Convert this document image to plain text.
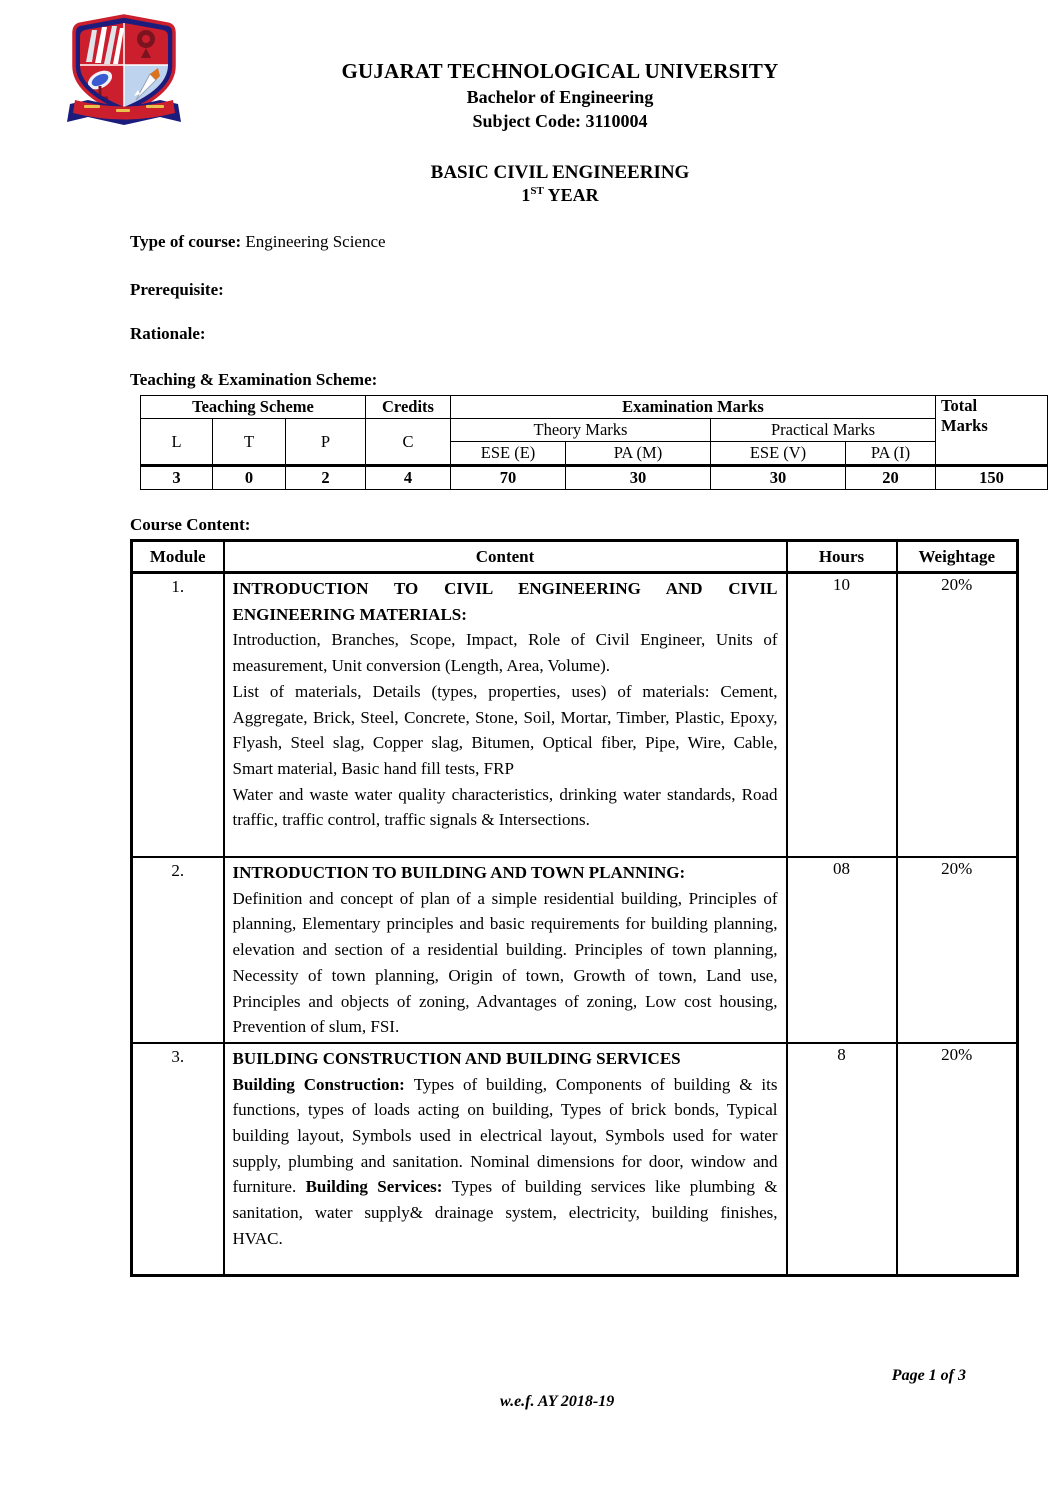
GUJARAT TECHNOLOGICAL UNIVERSITY
Bachelor of Engineering
Subject Code: 3110004
BASIC CIVIL ENGINEERING
1ST YEAR
Type of course: Engineering Science
Prerequisite:
Rationale:
Teaching & Examination Scheme:
Teaching Scheme			Credits	Examination Marks				Total
Marks
L	T	P	C	Theory Marks		Practical Marks		
				ESE (E)	PA (M)	ESE (V)	PA (I)	
3	0	2	4	70	30	30	20	150
Course Content:
Module	Content	Hours	Weightage
1.	INTRODUCTION TO CIVIL ENGINEERING AND CIVIL ENGINEERING MATERIALS:
Introduction, Branches, Scope, Impact, Role of Civil Engineer, Units of measurement, Unit conversion (Length, Area, Volume).
List of materials, Details (types, properties, uses) of materials: Cement, Aggregate, Brick, Steel, Concrete, Stone, Soil, Mortar, Timber, Plastic, Epoxy, Flyash, Steel slag, Copper slag, Bitumen, Optical fiber, Pipe, Wire, Cable, Smart material, Basic hand fill tests, FRP
Water and waste water quality characteristics, drinking water standards, Road traffic, traffic control, traffic signals & Intersections.	10	20%
2.	INTRODUCTION TO BUILDING AND TOWN PLANNING:
Definition and concept of plan of a simple residential building, Principles of planning, Elementary principles and basic requirements for building planning, elevation and section of a residential building. Principles of town planning, Necessity of town planning, Origin of town, Growth of town, Land use, Principles and objects of zoning, Advantages of zoning, Low cost housing, Prevention of slum, FSI.	08	20%
3.	BUILDING CONSTRUCTION AND BUILDING SERVICES
Building Construction: Types of building, Components of building & its functions, types of loads acting on building, Types of brick bonds, Typical building layout, Symbols used in electrical layout, Symbols used for water supply, plumbing and sanitation. Nominal dimensions for door, window and furniture. Building Services: Types of building services like plumbing & sanitation, water supply& drainage system, electricity, building finishes, HVAC.	8	20%
Page 1 of 3
w.e.f. AY 2018-19
